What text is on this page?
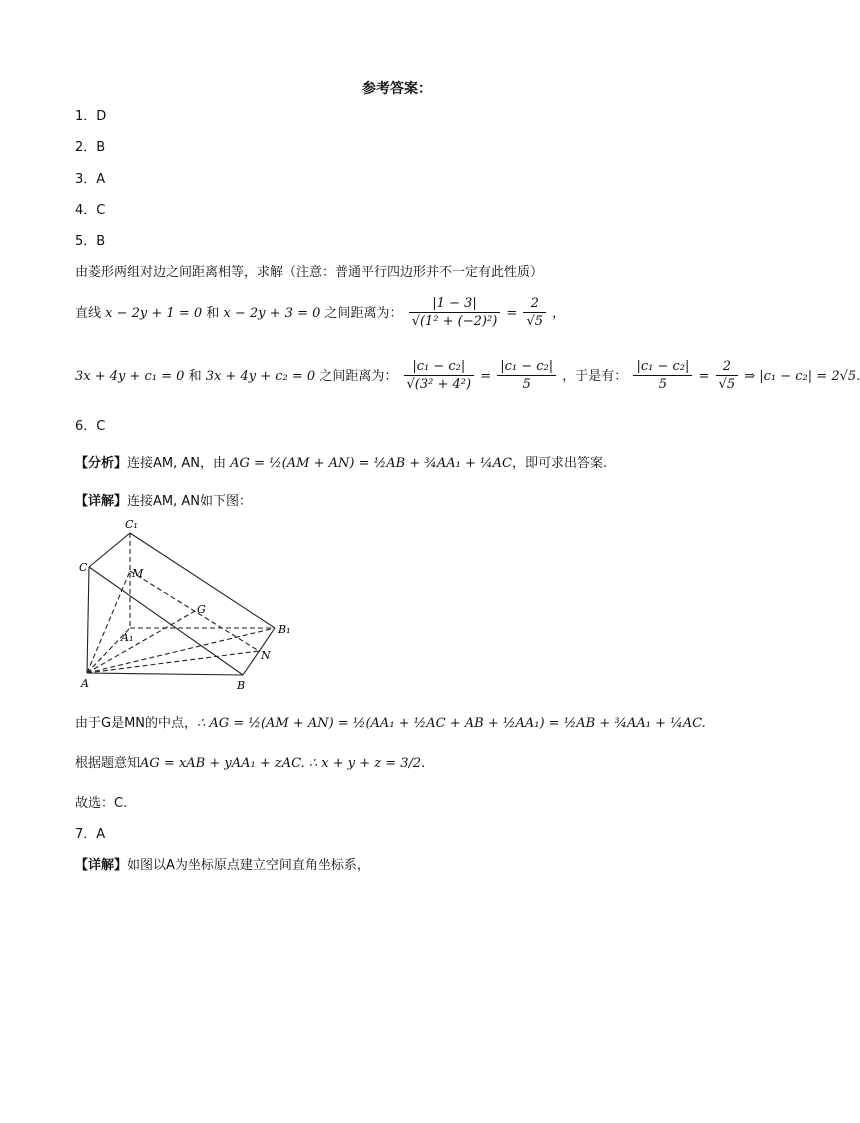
参考答案：
1．D
2．B
3．A
4．C
5．B
由菱形两组对边之间距离相等，求解（注意：普通平行四边形并不一定有此性质）
直线 x − 2y + 1 = 0 和 x − 2y + 3 = 0 之间距离为： $\frac{|1 - 3|}{\text{√(1² + (−2)²)}} = \frac{2}{√5}$ ，
3x + 4y + c₁ = 0 和 3x + 4y + c₂ = 0 之间距离为： $\frac{\text{|c₁ − c₂|}}{\text{√(3² + 4²)}} = \frac{\text{|c₁ − c₂|}}{5}$ ，于是有： $\frac{\text{|c₁ − c₂|}}{5} = \frac{2}{√5}$ ⇒ |c₁ − c₂| = 2√5.
6．C
【分析】连接AM, AN，由 AG = ½(AM + AN) = ½AB + ¾AA₁ + ¼AC，即可求出答案.
【详解】连接AM, AN如下图：
C₁
C	M
G
B₁
A₁
N
A	B
由于G是MN的中点，∴ AG = ½(AM + AN) = ½(AA₁ + ½AC + AB + ½AA₁) = ½AB + ¾AA₁ + ¼AC.
根据题意知AG = xAB + yAA₁ + zAC. ∴ x + y + z = 3/2.
故选：C.
7．A
【详解】如图以A为坐标原点建立空间直角坐标系，
